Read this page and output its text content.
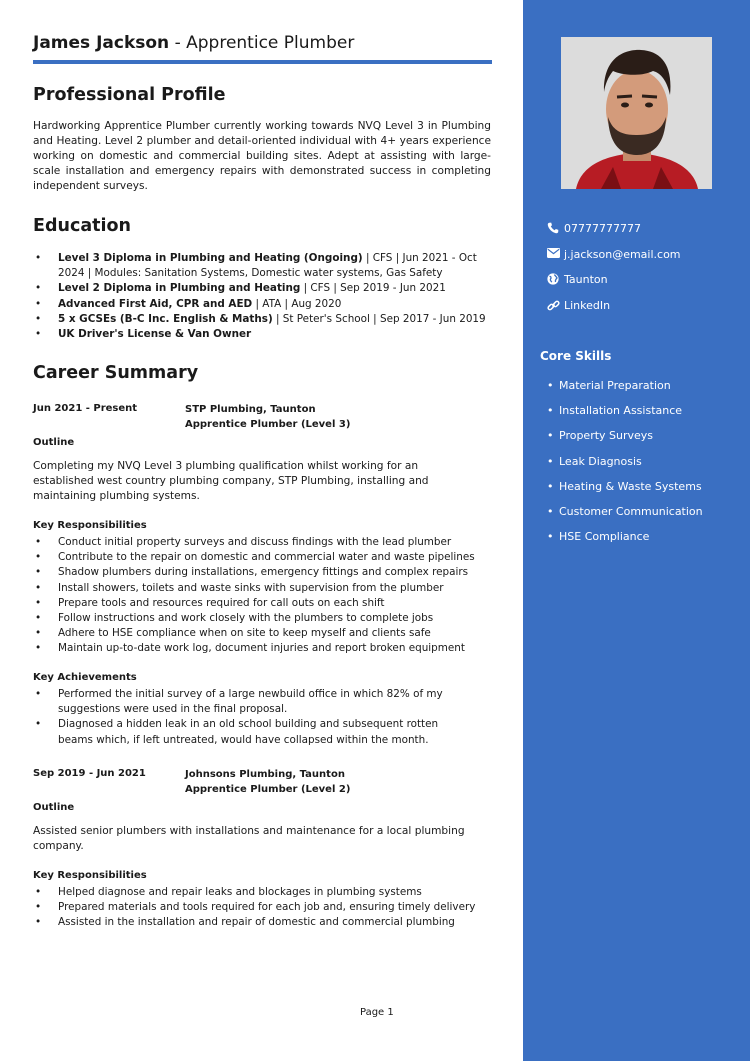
James Jackson - Apprentice Plumber
Professional Profile

Hardworking Apprentice Plumber currently working towards NVQ Level 3 in Plumbing and Heating. Level 2 plumber and detail-oriented individual with 4+ years experience working on domestic and commercial building sites. Adept at assisting with large-scale installation and emergency repairs with demonstrated success in completing independent surveys.

Education
• Level 3 Diploma in Plumbing and Heating (Ongoing) | CFS | Jun 2021 - Oct 2024 | Modules: Sanitation Systems, Domestic water systems, Gas Safety
• Level 2 Diploma in Plumbing and Heating | CFS | Sep 2019 - Jun 2021
• Advanced First Aid, CPR and AED | ATA | Aug 2020
• 5 x GCSEs (B-C Inc. English & Maths) | St Peter's School | Sep 2017 - Jun 2019
• UK Driver's License & Van Owner
Career Summary
Jun 2021 - Present	STP Plumbing, Taunton
Apprentice Plumber (Level 3)
Outline

Completing my NVQ Level 3 plumbing qualification whilst working for an established west country plumbing company, STP Plumbing, installing and maintaining plumbing systems.

Key Responsibilities
• Conduct initial property surveys and discuss findings with the lead plumber
• Contribute to the repair on domestic and commercial water and waste pipelines
• Shadow plumbers during installations, emergency fittings and complex repairs
• Install showers, toilets and waste sinks with supervision from the plumber
• Prepare tools and resources required for call outs on each shift
• Follow instructions and work closely with the plumbers to complete jobs
• Adhere to HSE compliance when on site to keep myself and clients safe
• Maintain up-to-date work log, document injuries and report broken equipment
Key Achievements
• Performed the initial survey of a large newbuild office in which 82% of my suggestions were used in the final proposal.
• Diagnosed a hidden leak in an old school building and subsequent rotten beams which, if left untreated, would have collapsed within the month.
Sep 2019 - Jun 2021	Johnsons Plumbing, Taunton
Apprentice Plumber (Level 2)
Outline

Assisted senior plumbers with installations and maintenance for a local plumbing company.

Key Responsibilities
• Helped diagnose and repair leaks and blockages in plumbing systems
• Prepared materials and tools required for each job and, ensuring timely delivery
• Assisted in the installation and repair of domestic and commercial plumbing
Page 1
07777777777
j.jackson@email.com
Taunton
LinkedIn
Core Skills
• Material Preparation
• Installation Assistance
• Property Surveys
• Leak Diagnosis
• Heating & Waste Systems
• Customer Communication
• HSE Compliance
